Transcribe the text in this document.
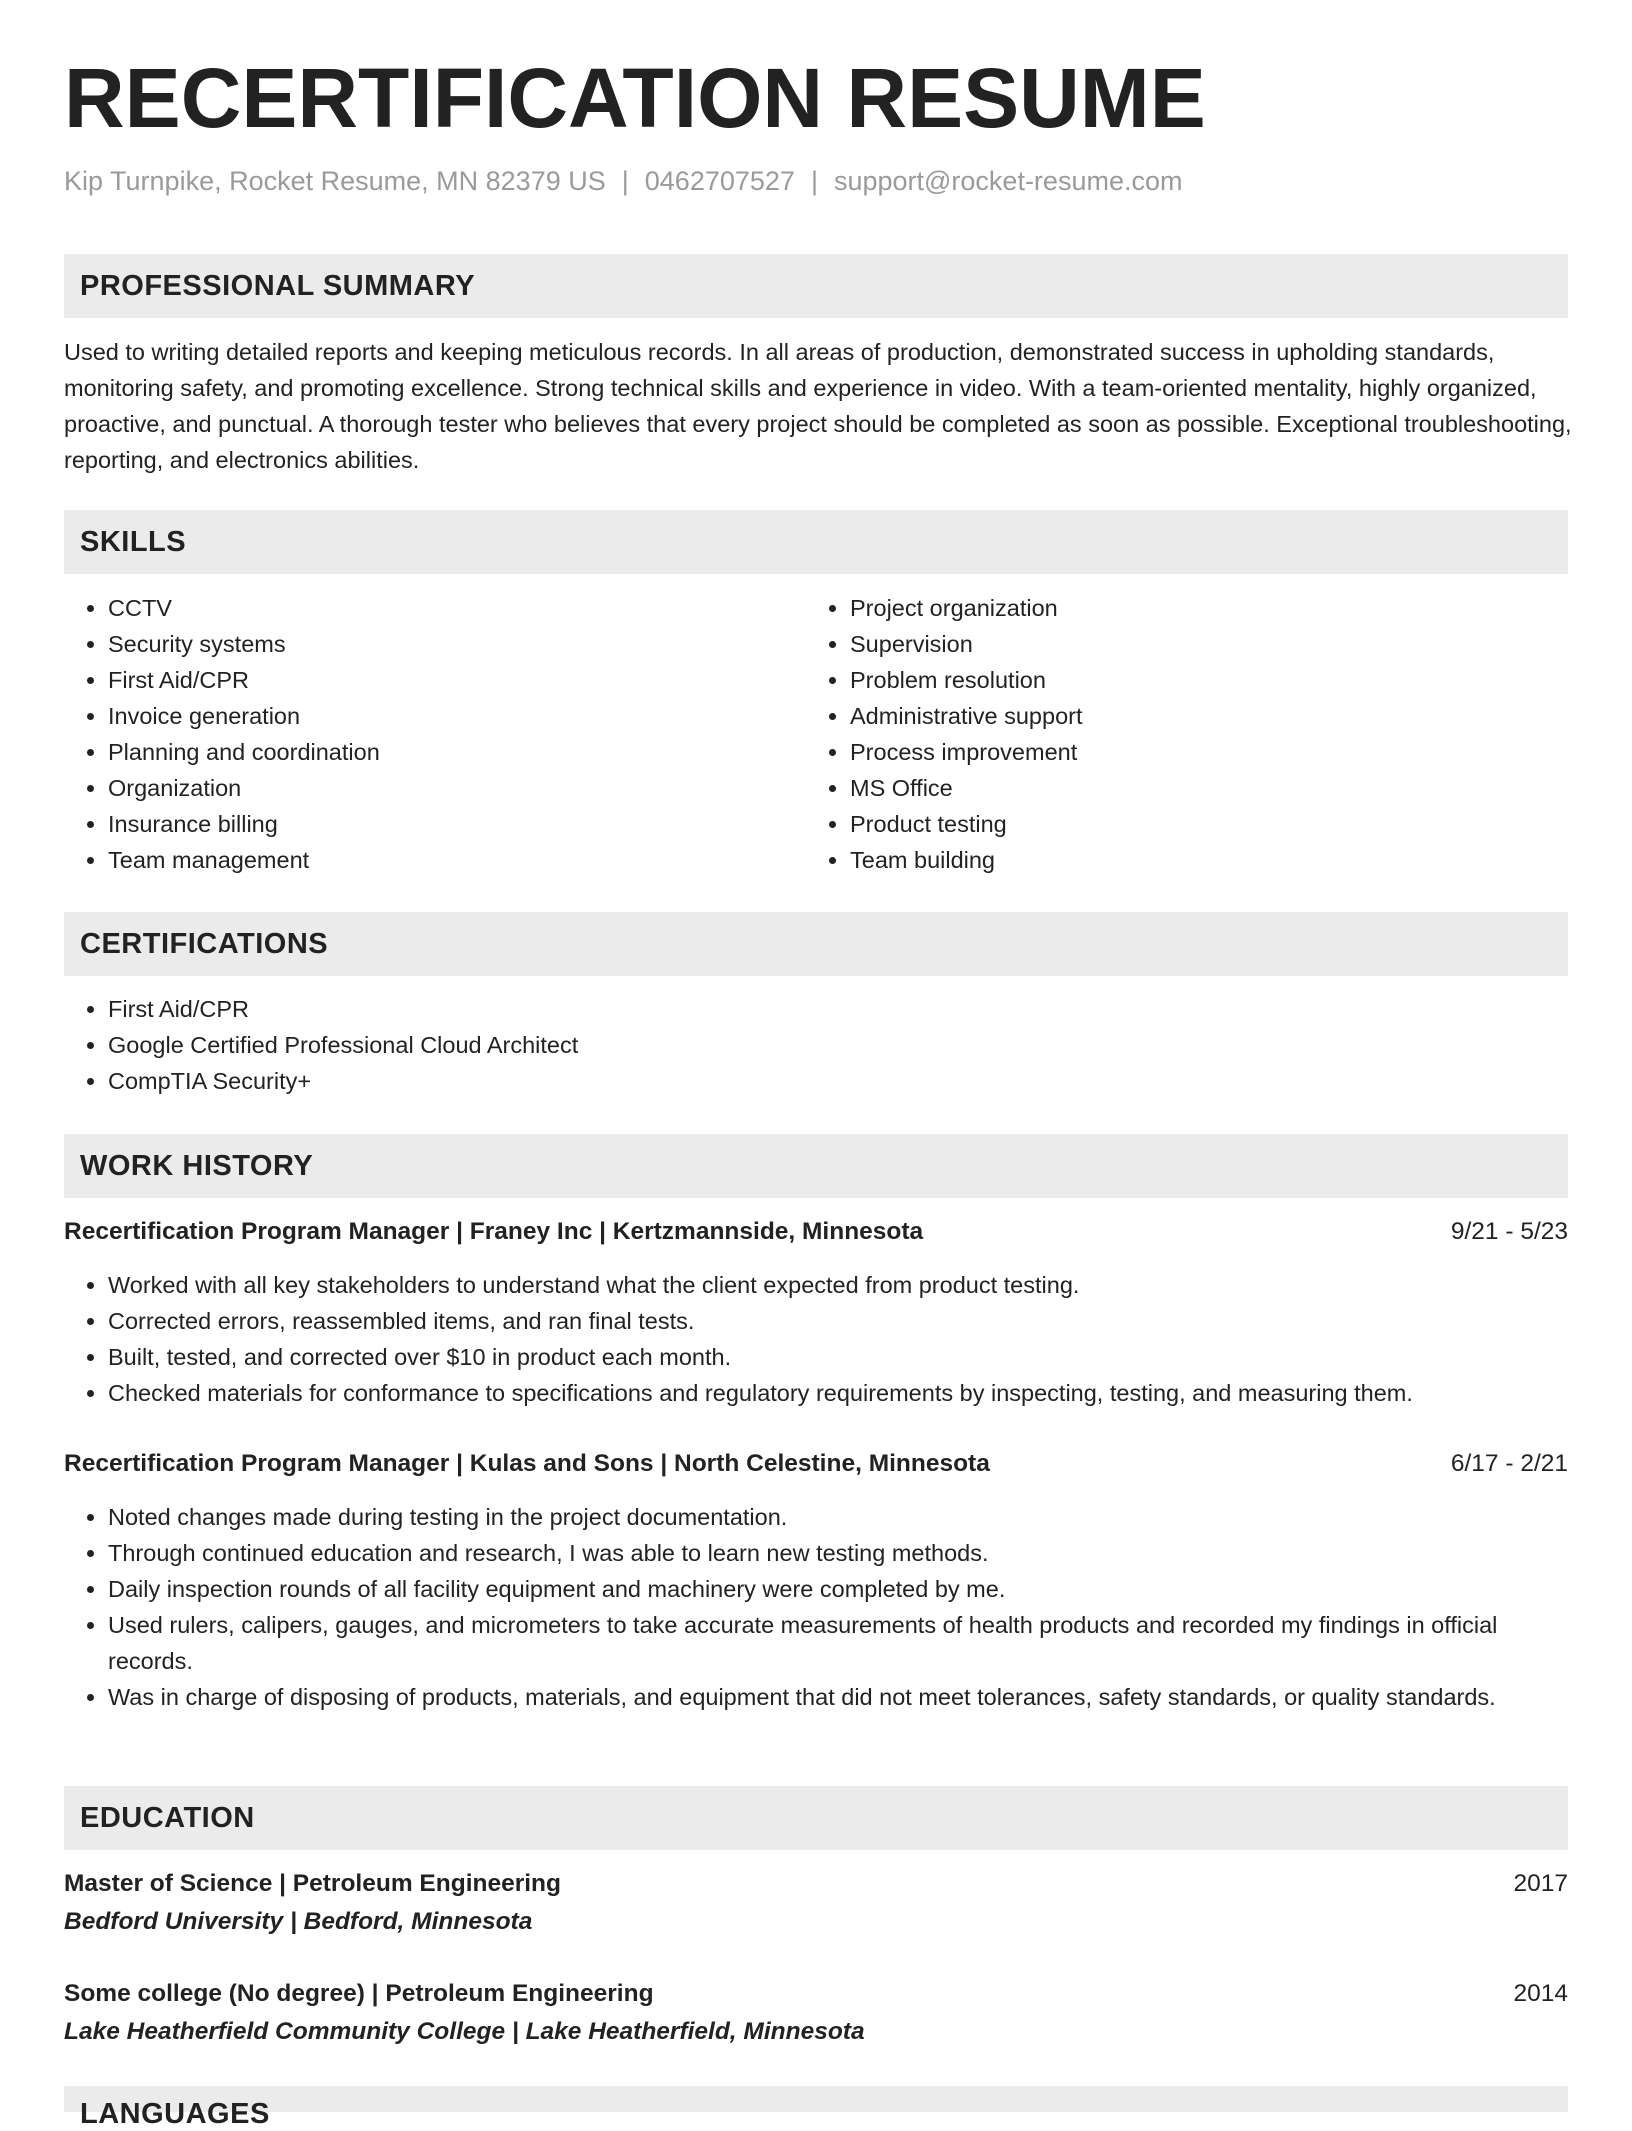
RECERTIFICATION RESUME
Kip Turnpike, Rocket Resume, MN 82379 US | 0462707527 | support@rocket-resume.com
PROFESSIONAL SUMMARY

Used to writing detailed reports and keeping meticulous records. In all areas of production, demonstrated success in upholding standards, monitoring safety, and promoting excellence. Strong technical skills and experience in video. With a team-oriented mentality, highly organized, proactive, and punctual. A thorough tester who believes that every project should be completed as soon as possible. Exceptional troubleshooting, reporting, and electronics abilities.

SKILLS
• CCTV
• Security systems
• First Aid/CPR
• Invoice generation
• Planning and coordination
• Organization
• Insurance billing
• Team management
• Project organization
• Supervision
• Problem resolution
• Administrative support
• Process improvement
• MS Office
• Product testing
• Team building
CERTIFICATIONS
• First Aid/CPR
• Google Certified Professional Cloud Architect
• CompTIA Security+
WORK HISTORY
Recertification Program Manager | Franey Inc | Kertzmannside, Minnesota	9/21 - 5/23
• Worked with all key stakeholders to understand what the client expected from product testing.
• Corrected errors, reassembled items, and ran final tests.
• Built, tested, and corrected over $10 in product each month.
• Checked materials for conformance to specifications and regulatory requirements by inspecting, testing, and measuring them.
Recertification Program Manager | Kulas and Sons | North Celestine, Minnesota	6/17 - 2/21
• Noted changes made during testing in the project documentation.
• Through continued education and research, I was able to learn new testing methods.
• Daily inspection rounds of all facility equipment and machinery were completed by me.
• Used rulers, calipers, gauges, and micrometers to take accurate measurements of health products and recorded my findings in official records.
• Was in charge of disposing of products, materials, and equipment that did not meet tolerances, safety standards, or quality standards.
EDUCATION
Master of Science | Petroleum Engineering	2017
Bedford University | Bedford, Minnesota
Some college (No degree) | Petroleum Engineering	2014
Lake Heatherfield Community College | Lake Heatherfield, Minnesota
LANGUAGES
